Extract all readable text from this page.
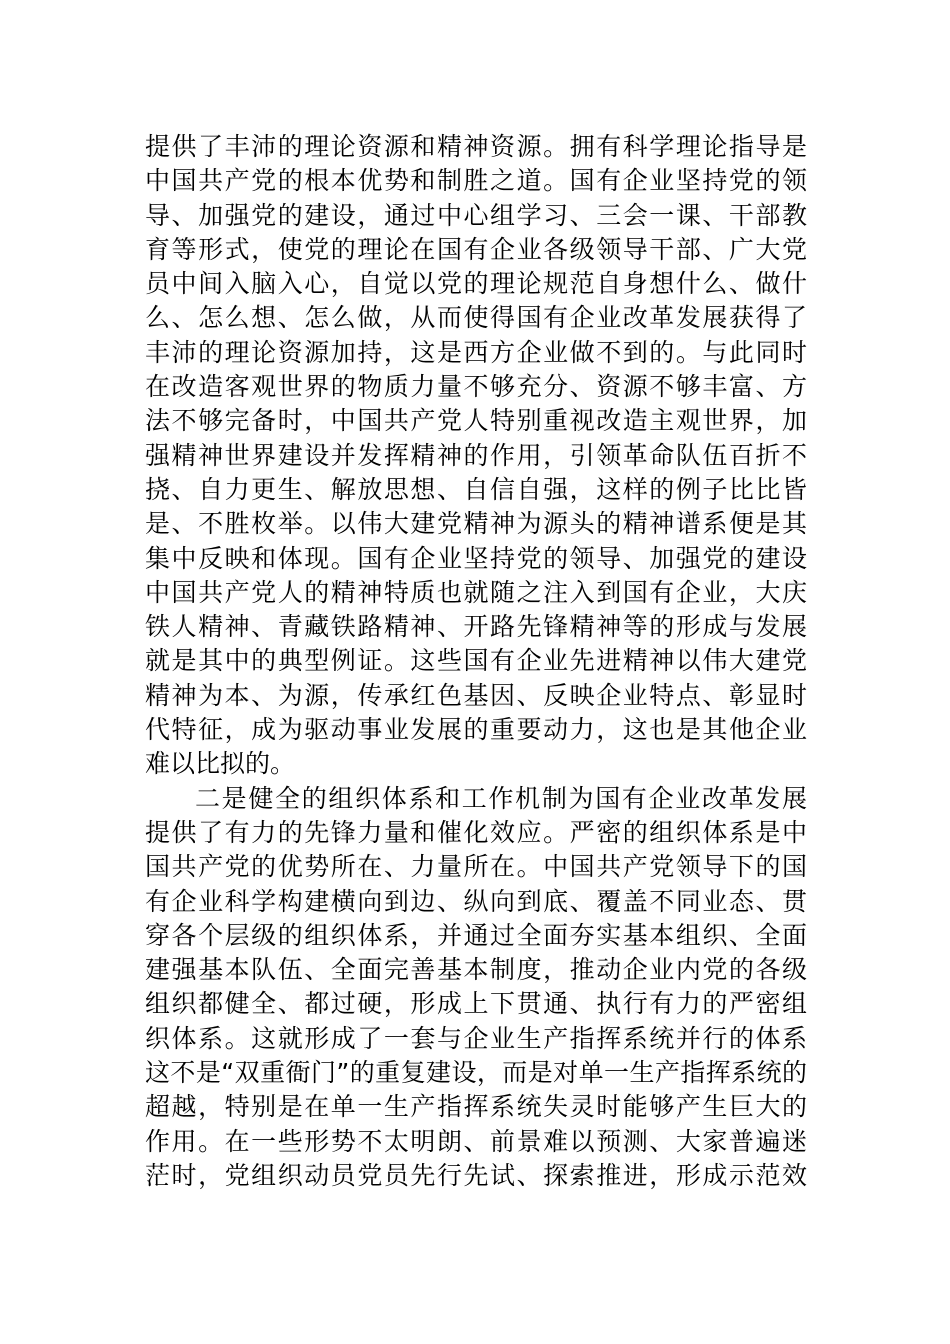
提供了丰沛的理论资源和精神资源。拥有科学理论指导是
中国共产党的根本优势和制胜之道。国有企业坚持党的领
导、加强党的建设，通过中心组学习、三会一课、干部教
育等形式，使党的理论在国有企业各级领导干部、广大党
员中间入脑入心，自觉以党的理论规范自身想什么、做什
么、怎么想、怎么做，从而使得国有企业改革发展获得了
丰沛的理论资源加持，这是西方企业做不到的。与此同时
在改造客观世界的物质力量不够充分、资源不够丰富、方
法不够完备时，中国共产党人特别重视改造主观世界，加
强精神世界建设并发挥精神的作用，引领革命队伍百折不
挠、自力更生、解放思想、自信自强，这样的例子比比皆
是、不胜枚举。以伟大建党精神为源头的精神谱系便是其
集中反映和体现。国有企业坚持党的领导、加强党的建设
中国共产党人的精神特质也就随之注入到国有企业，大庆
铁人精神、青藏铁路精神、开路先锋精神等的形成与发展
就是其中的典型例证。这些国有企业先进精神以伟大建党
精神为本、为源，传承红色基因、反映企业特点、彰显时
代特征，成为驱动事业发展的重要动力，这也是其他企业
难以比拟的。
二是健全的组织体系和工作机制为国有企业改革发展
提供了有力的先锋力量和催化效应。严密的组织体系是中
国共产党的优势所在、力量所在。中国共产党领导下的国
有企业科学构建横向到边、纵向到底、覆盖不同业态、贯
穿各个层级的组织体系，并通过全面夯实基本组织、全面
建强基本队伍、全面完善基本制度，推动企业内党的各级
组织都健全、都过硬，形成上下贯通、执行有力的严密组
织体系。这就形成了一套与企业生产指挥系统并行的体系
这不是“双重衙门”的重复建设，而是对单一生产指挥系统的
超越，特别是在单一生产指挥系统失灵时能够产生巨大的
作用。在一些形势不太明朗、前景难以预测、大家普遍迷
茫时，党组织动员党员先行先试、探索推进，形成示范效
